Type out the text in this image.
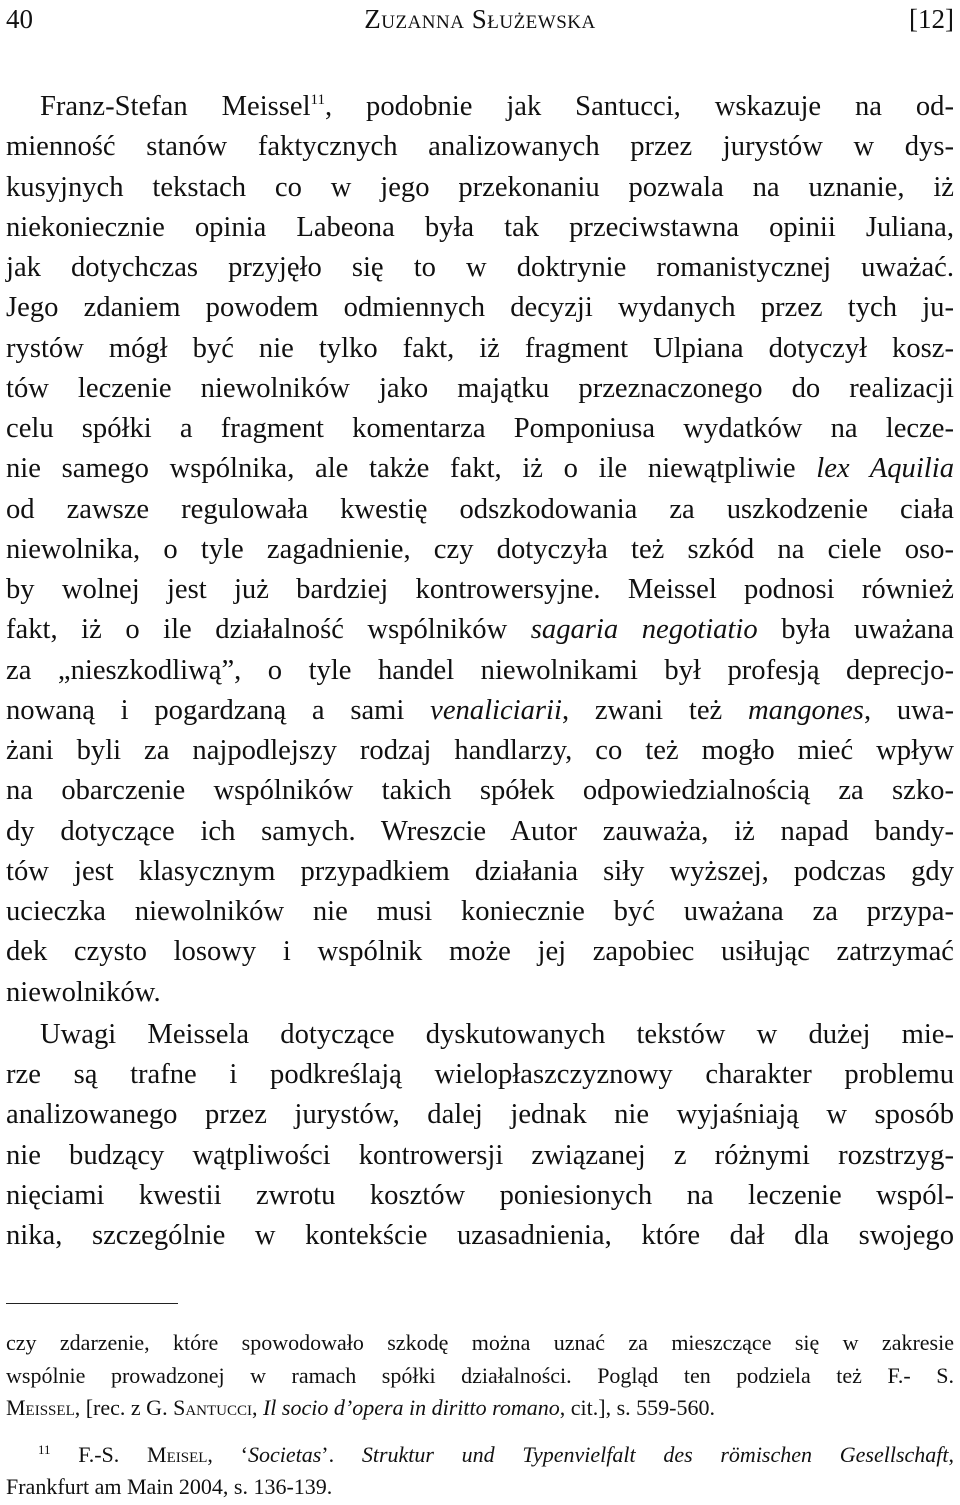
40	Zuzanna Służewska	[12]
Franz-Stefan Meissel$^{11}$, podobnie jak Santucci, wskazuje na od-
mienność stanów faktycznych analizowanych przez jurystów w dys-
kusyjnych tekstach co w jego przekonaniu pozwala na uznanie, iż
niekoniecznie opinia Labeona była tak przeciwstawna opinii Juliana,
jak dotychczas przyjęło się to w doktrynie romanistycznej uważać.
Jego zdaniem powodem odmiennych decyzji wydanych przez tych ju-
rystów mógł być nie tylko fakt, iż fragment Ulpiana dotyczył kosz-
tów leczenie niewolników jako majątku przeznaczonego do realizacji
celu spółki a fragment komentarza Pomponiusa wydatków na lecze-
nie samego wspólnika, ale także fakt, iż o ile niewątpliwie lex Aquilia
od zawsze regulowała kwestię odszkodowania za uszkodzenie ciała
niewolnika, o tyle zagadnienie, czy dotyczyła też szkód na ciele oso-
by wolnej jest już bardziej kontrowersyjne. Meissel podnosi również
fakt, iż o ile działalność wspólników sagaria negotiatio była uważana
za „nieszkodliwą”, o tyle handel niewolnikami był profesją deprecjo-
nowaną i pogardzaną a sami venaliciarii, zwani też mangones, uwa-
żani byli za najpodlejszy rodzaj handlarzy, co też mogło mieć wpływ
na obarczenie wspólników takich spółek odpowiedzialnością za szko-
dy dotyczące ich samych. Wreszcie Autor zauważa, iż napad bandy-
tów jest klasycznym przypadkiem działania siły wyższej, podczas gdy
ucieczka niewolników nie musi koniecznie być uważana za przypa-
dek czysto losowy i wspólnik może jej zapobiec usiłując zatrzymać
niewolników.
Uwagi Meissela dotyczące dyskutowanych tekstów w dużej mie-
rze są trafne i podkreślają wielopłaszczyznowy charakter problemu
analizowanego przez jurystów, dalej jednak nie wyjaśniają w sposób
nie budzący wątpliwości kontrowersji związanej z różnymi rozstrzyg-
nięciami kwestii zwrotu kosztów poniesionych na leczenie wspól-
nika, szczególnie w kontekście uzasadnienia, które dał dla swojego
czy zdarzenie, które spowodowało szkodę można uznać za mieszczące się w zakresie
wspólnie prowadzonej w ramach spółki działalności. Pogląd ten podziela też F.- S.
Meissel, [rec. z G. Santucci, Il socio d’opera in diritto romano, cit.], s. 559-560.
$^{11}$ F.-S. Meisel, ‘Societas’. Struktur und Typenvielfalt des römischen Gesellschaft,
Frankfurt am Main 2004, s. 136-139.
